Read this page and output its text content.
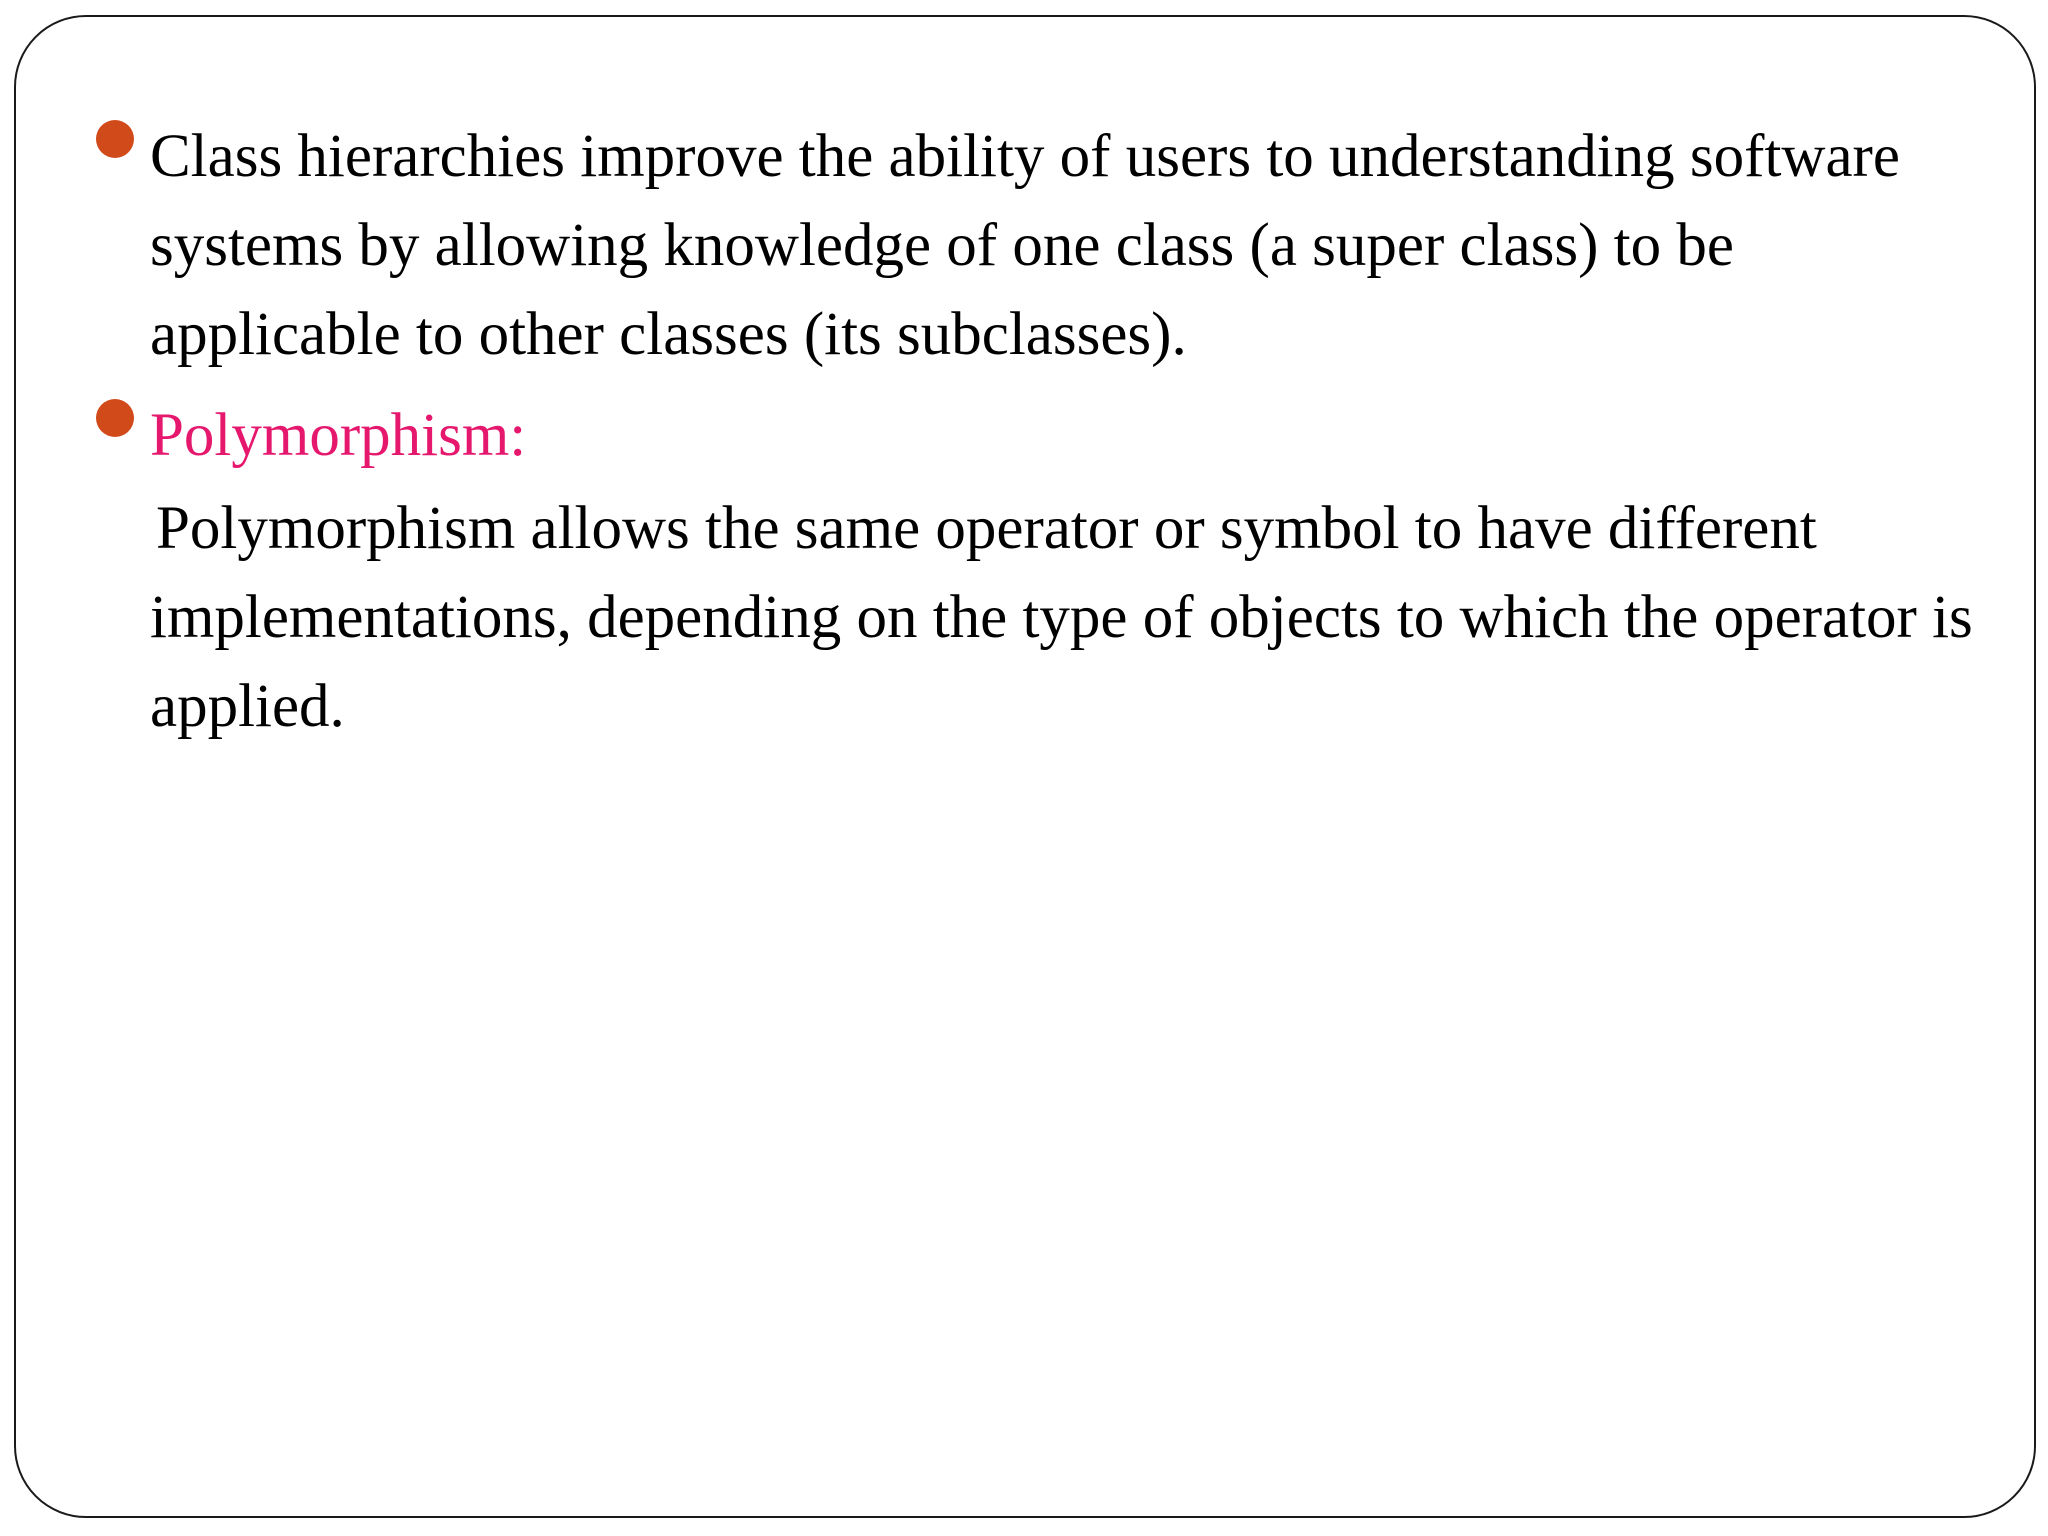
Class hierarchies improve the ability of users to understanding software systems by allowing knowledge of one class (a super class) to be applicable to other classes (its subclasses).

Polymorphism:

Polymorphism allows the same operator or symbol to have different implementations, depending on the type of objects to which the operator is applied.
